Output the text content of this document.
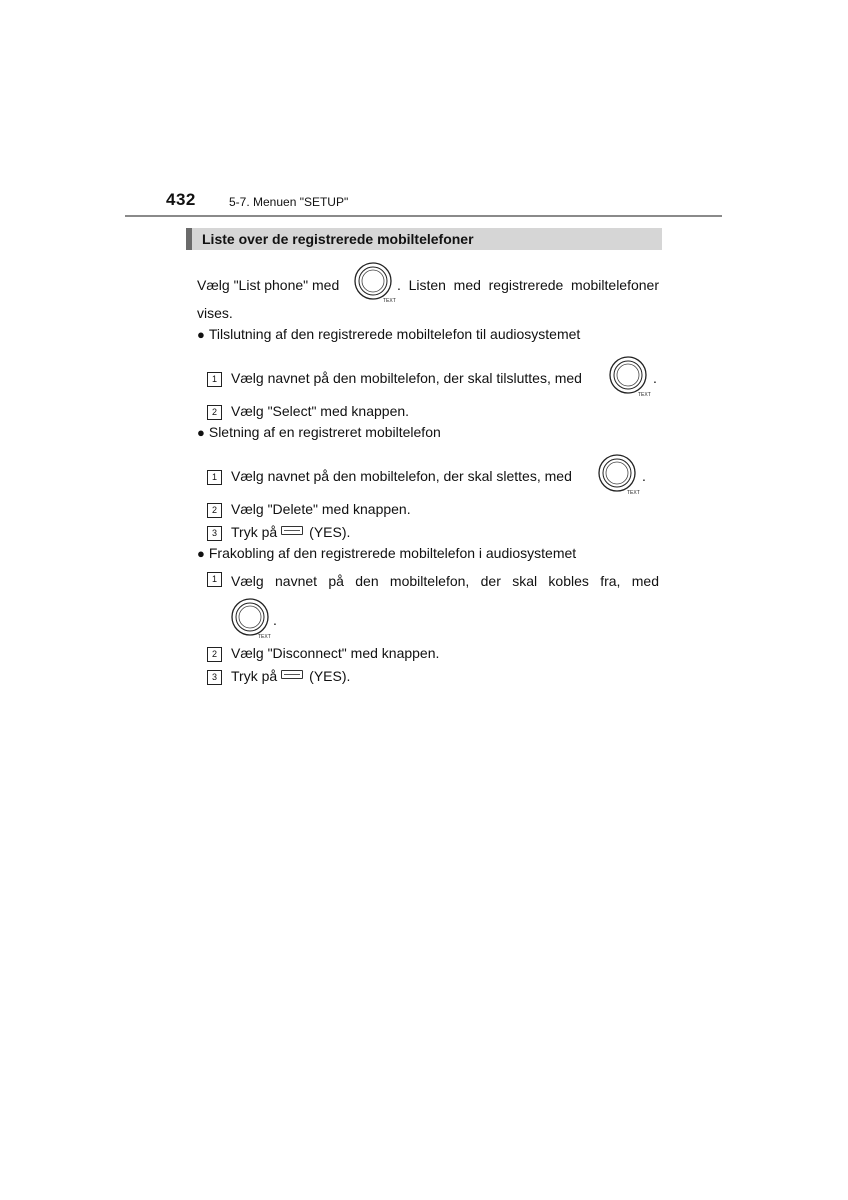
432	5-7. Menuen "SETUP"
Liste over de registrerede mobiltelefoner
Vælg "List phone" med
TEXT
. Listen med registrerede mobiltelefoner
vises.
● Tilslutning af den registrerede mobiltelefon til audiosystemet
1 Vælg navnet på den mobiltelefon, der skal tilsluttes, med
TEXT
.
2 Vælg "Select" med knappen.
● Sletning af en registreret mobiltelefon
1 Vælg navnet på den mobiltelefon, der skal slettes, med
TEXT
.
2 Vælg "Delete" med knappen.
3 Tryk på (YES).
● Frakobling af den registrerede mobiltelefon i audiosystemet
1	Vælg navnet på den mobiltelefon, der skal kobles fra, med
TEXT
.
2 Vælg "Disconnect" med knappen.
3 Tryk på (YES).
